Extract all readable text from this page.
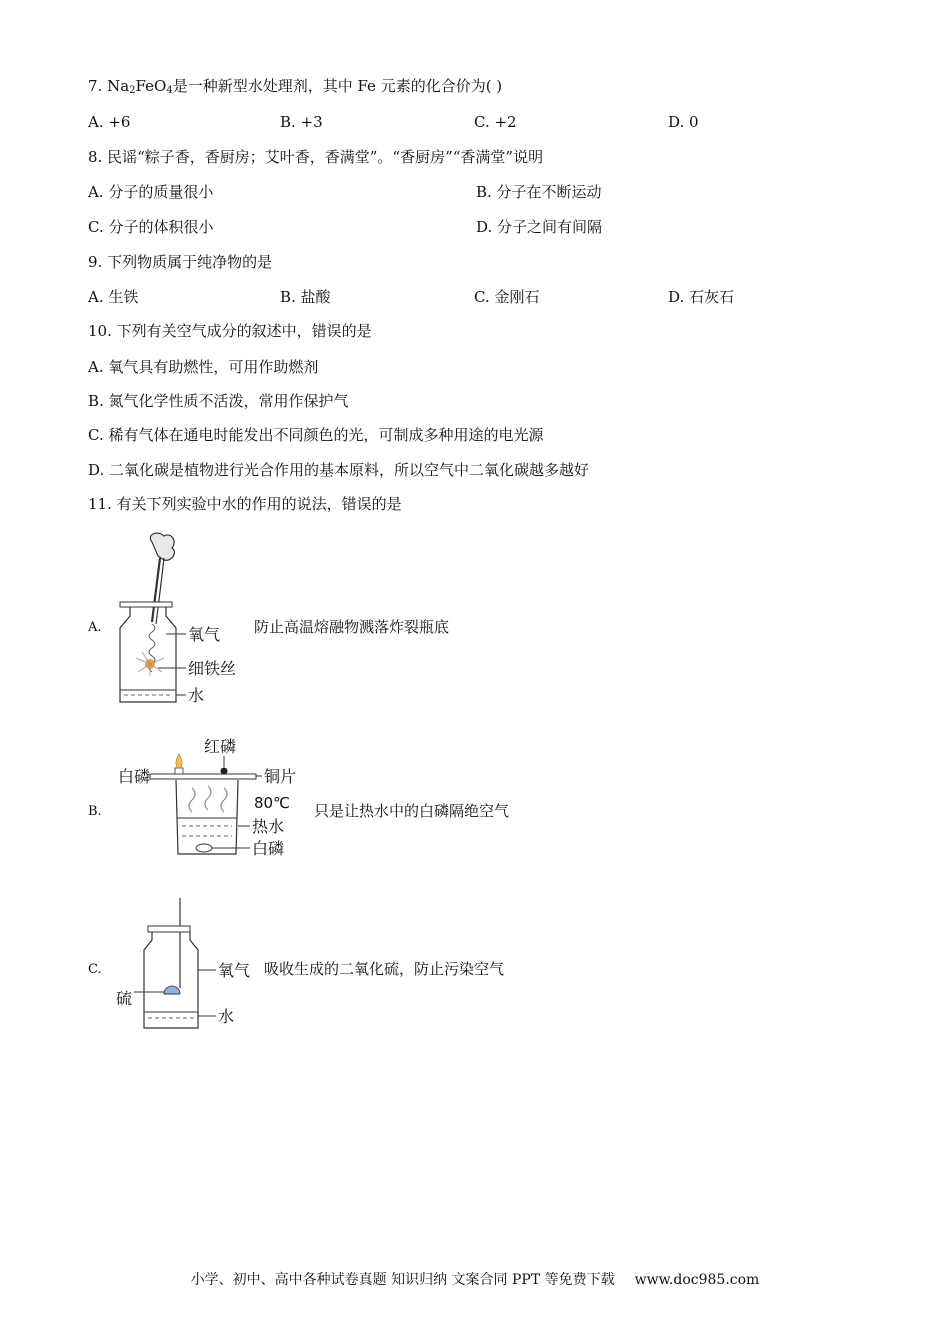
7. $Na_2FeO_4$是一种新型水处理剂，其中 Fe 元素的化合价为( )
A. +6	B. +3	C. +2	D. 0
8. 民谣“粽子香，香厨房；艾叶香，香满堂”。“香厨房”“香满堂”说明
A. 分子的质量很小	B. 分子在不断运动
C. 分子的体积很小	D. 分子之间有间隔
9. 下列物质属于纯净物的是
A. 生铁	B. 盐酸	C. 金刚石	D. 石灰石
10. 下列有关空气成分的叙述中，错误的是
A. 氧气具有助燃性，可用作助燃剂
B. 氮气化学性质不活泼，常用作保护气
C. 稀有气体在通电时能发出不同颜色的光，可制成多种用途的电光源
D. 二氧化碳是植物进行光合作用的基本原料，所以空气中二氧化碳越多越好
11. 有关下列实验中水的作用的说法，错误的是
A.	氧气
细铁丝
水
防止高温熔融物溅落炸裂瓶底
B.
红磷
白磷	铜片
80℃
热水
白磷
只是让热水中的白磷隔绝空气
C.	氧气
硫
水
吸收生成的二氧化硫，防止污染空气
小学、初中、高中各种试卷真题 知识归纳 文案合同 PPT 等免费下载 www.doc985.com
